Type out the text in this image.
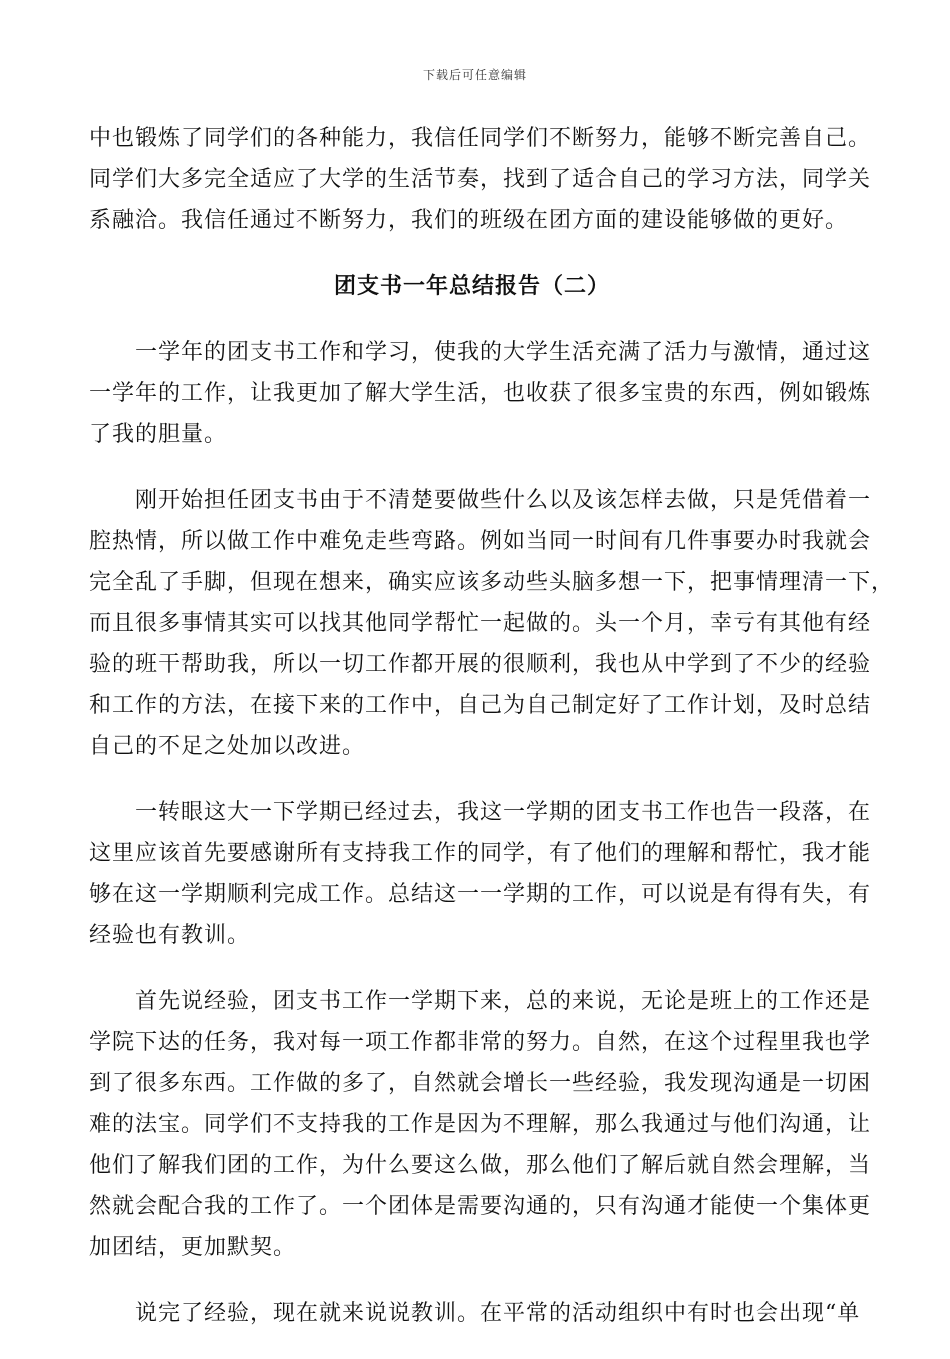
下载后可任意编辑
中也锻炼了同学们的各种能力，我信任同学们不断努力，能够不断完善自己。
同学们大多完全适应了大学的生活节奏，找到了适合自己的学习方法，同学关
系融洽。我信任通过不断努力，我们的班级在团方面的建设能够做的更好。
团支书一年总结报告（二）
一学年的团支书工作和学习，使我的大学生活充满了活力与激情，通过这
一学年的工作，让我更加了解大学生活，也收获了很多宝贵的东西，例如锻炼
了我的胆量。
刚开始担任团支书由于不清楚要做些什么以及该怎样去做，只是凭借着一
腔热情，所以做工作中难免走些弯路。例如当同一时间有几件事要办时我就会
完全乱了手脚，但现在想来，确实应该多动些头脑多想一下，把事情理清一下，
而且很多事情其实可以找其他同学帮忙一起做的。头一个月，幸亏有其他有经
验的班干帮助我，所以一切工作都开展的很顺利，我也从中学到了不少的经验
和工作的方法，在接下来的工作中，自己为自己制定好了工作计划，及时总结
自己的不足之处加以改进。
一转眼这大一下学期已经过去，我这一学期的团支书工作也告一段落，在
这里应该首先要感谢所有支持我工作的同学，有了他们的理解和帮忙，我才能
够在这一学期顺利完成工作。总结这一一学期的工作，可以说是有得有失，有
经验也有教训。
首先说经验，团支书工作一学期下来，总的来说，无论是班上的工作还是
学院下达的任务，我对每一项工作都非常的努力。自然，在这个过程里我也学
到了很多东西。工作做的多了，自然就会增长一些经验，我发现沟通是一切困
难的法宝。同学们不支持我的工作是因为不理解，那么我通过与他们沟通，让
他们了解我们团的工作，为什么要这么做，那么他们了解后就自然会理解，当
然就会配合我的工作了。一个团体是需要沟通的，只有沟通才能使一个集体更
加团结，更加默契。
说完了经验，现在就来说说教训。在平常的活动组织中有时也会出现“单
